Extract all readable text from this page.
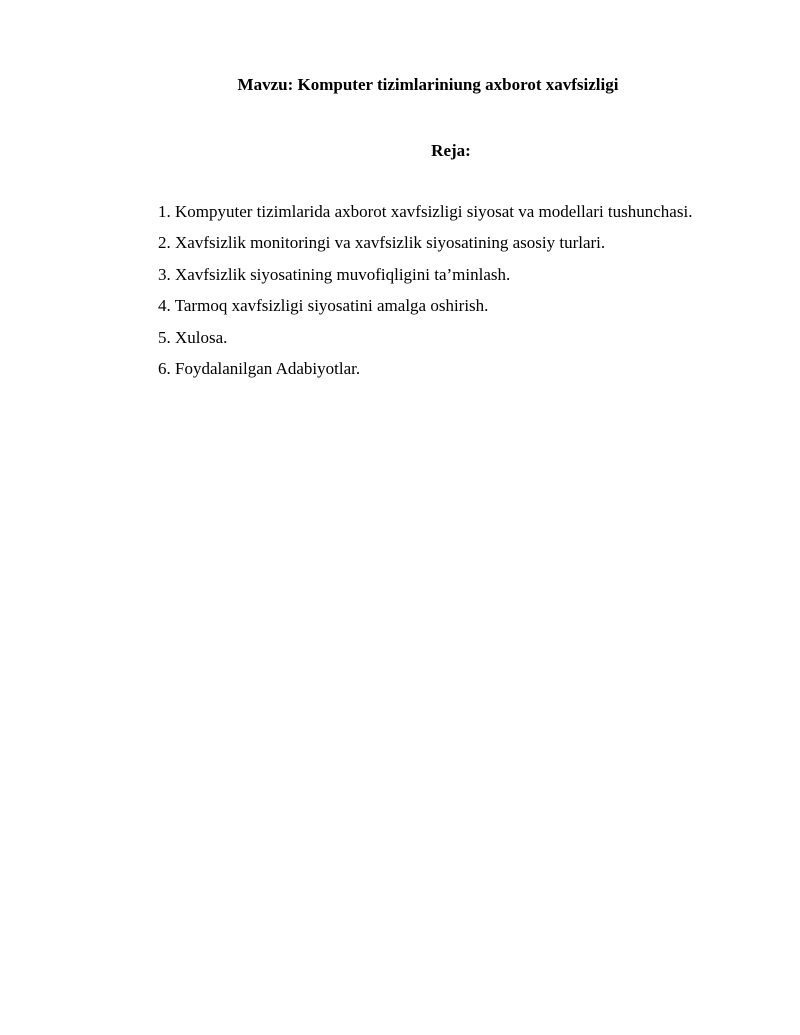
Mavzu: Komputer tizimlariniung axborot xavfsizligi
Reja:
1. Kompyuter tizimlarida axborot xavfsizligi siyosat va modellari tushunchasi.
2. Xavfsizlik monitoringi va xavfsizlik siyosatining asosiy turlari.
3. Xavfsizlik siyosatining muvofiqligini ta’minlash.
4. Tarmoq xavfsizligi siyosatini amalga oshirish.
5. Xulosa.
6. Foydalanilgan Adabiyotlar.
